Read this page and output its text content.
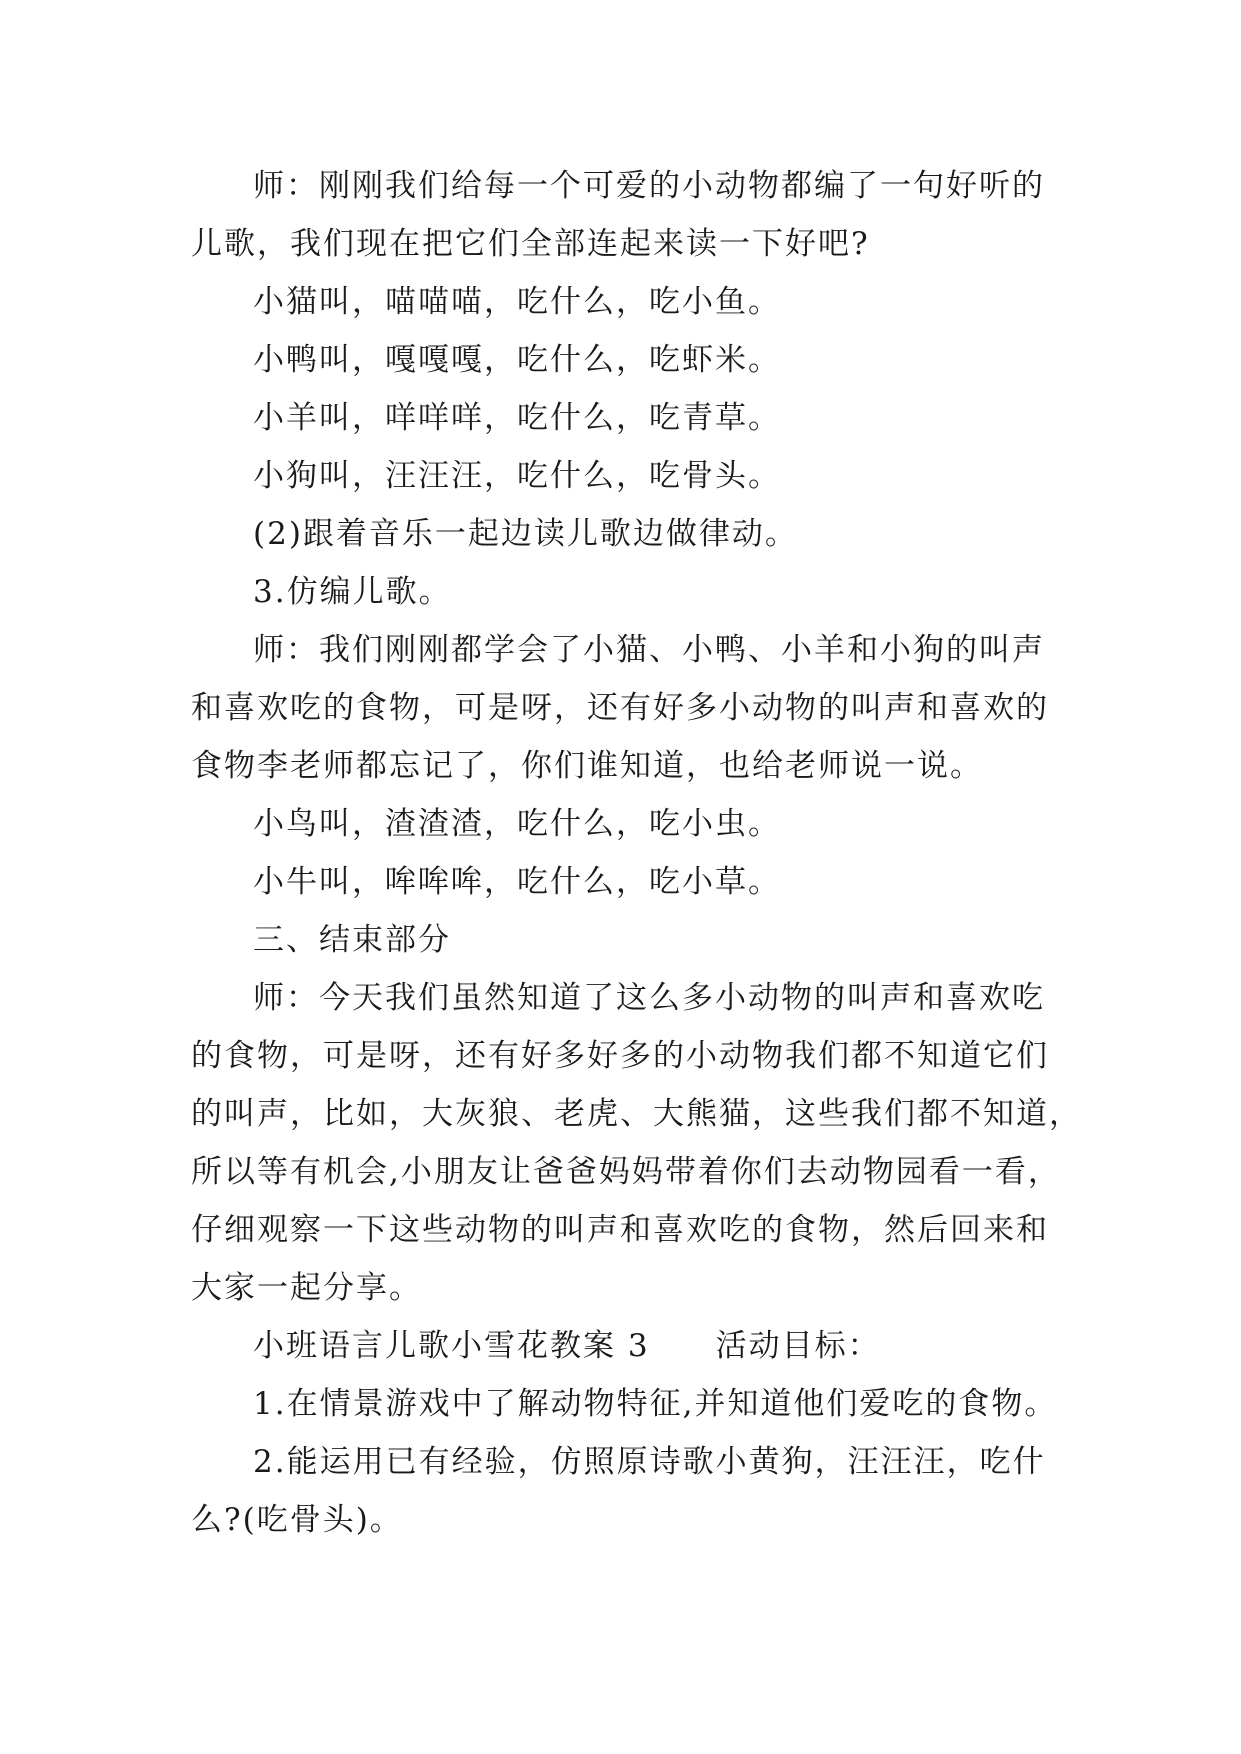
师：刚刚我们给每一个可爱的小动物都编了一句好听的
儿歌，我们现在把它们全部连起来读一下好吧?
小猫叫，喵喵喵，吃什么，吃小鱼。
小鸭叫，嘎嘎嘎，吃什么，吃虾米。
小羊叫，咩咩咩，吃什么，吃青草。
小狗叫，汪汪汪，吃什么，吃骨头。
(2)跟着音乐一起边读儿歌边做律动。
3.仿编儿歌。
师：我们刚刚都学会了小猫、小鸭、小羊和小狗的叫声
和喜欢吃的食物，可是呀，还有好多小动物的叫声和喜欢的
食物李老师都忘记了，你们谁知道，也给老师说一说。
小鸟叫，渣渣渣，吃什么，吃小虫。
小牛叫，哞哞哞，吃什么，吃小草。
三、结束部分
师：今天我们虽然知道了这么多小动物的叫声和喜欢吃
的食物，可是呀，还有好多好多的小动物我们都不知道它们
的叫声，比如，大灰狼、老虎、大熊猫，这些我们都不知道，
所以等有机会,小朋友让爸爸妈妈带着你们去动物园看一看，
仔细观察一下这些动物的叫声和喜欢吃的食物，然后回来和
大家一起分享。
小班语言儿歌小雪花教案 3　　活动目标：
1.在情景游戏中了解动物特征,并知道他们爱吃的食物。
2.能运用已有经验，仿照原诗歌小黄狗，汪汪汪，吃什
么?(吃骨头)。
